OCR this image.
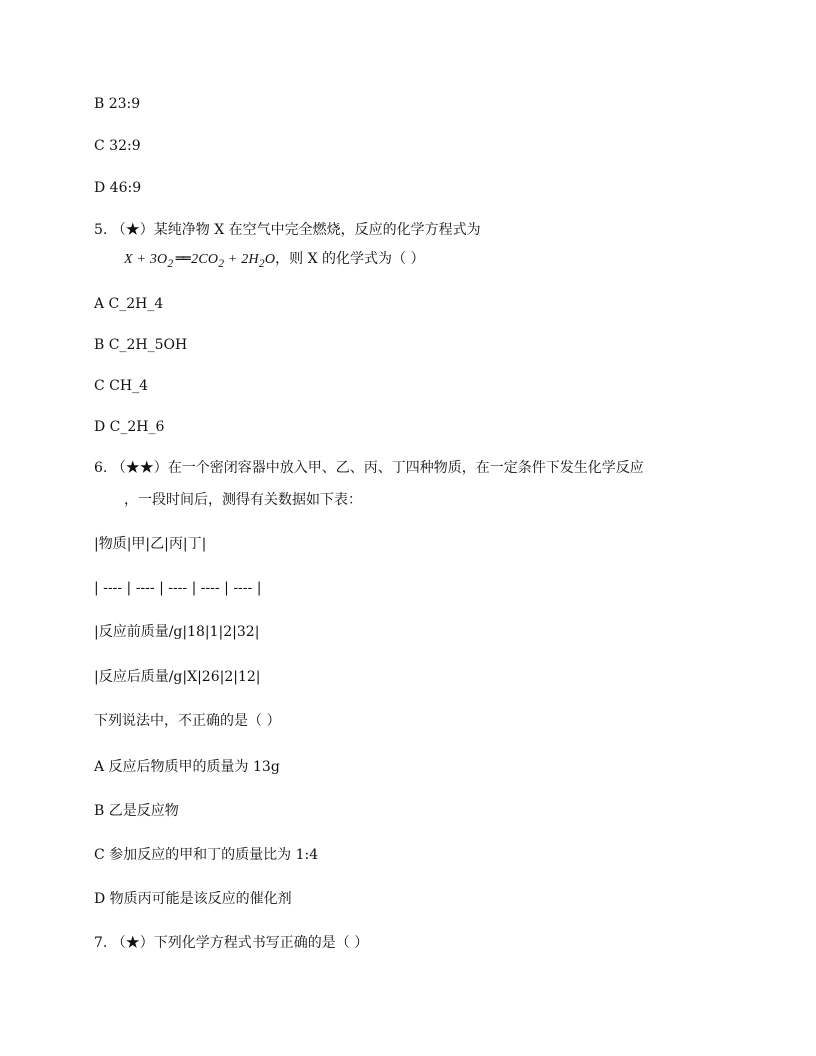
B 23:9
C 32:9
D 46:9
5. （★）某纯净物 X 在空气中完全燃烧，反应的化学方程式为
$X + 3O_2$ ══ $2CO_2 + 2H_2O$，则 X 的化学式为（ ）
A C_2H_4
B C_2H_5OH
C CH_4
D C_2H_6
6. （★★）在一个密闭容器中放入甲、乙、丙、丁四种物质，在一定条件下发生化学反应
，一段时间后，测得有关数据如下表：
|物质|甲|乙|丙|丁|
| ---- | ---- | ---- | ---- | ---- |
|反应前质量/g|18|1|2|32|
|反应后质量/g|X|26|2|12|
下列说法中，不正确的是（ ）
A 反应后物质甲的质量为 13g
B 乙是反应物
C 参加反应的甲和丁的质量比为 1:4
D 物质丙可能是该反应的催化剂
7. （★）下列化学方程式书写正确的是（ ）
